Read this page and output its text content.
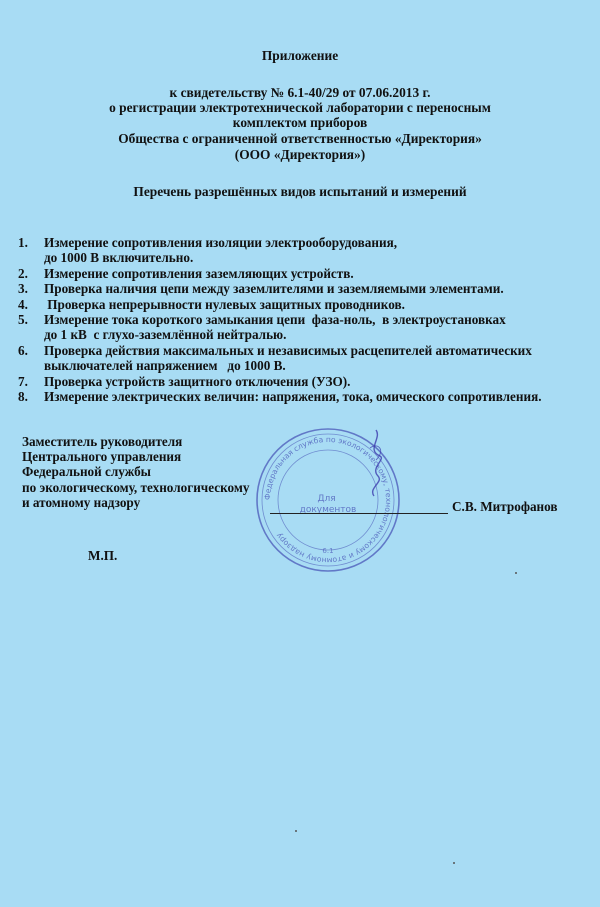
Приложение
к свидетельству № 6.1-40/29 от 07.06.2013 г.
о регистрации электротехнической лаборатории с переносным
комплектом приборов
Общества с ограниченной ответственностью «Директория»
(ООО «Директория»)
Перечень разрешённых видов испытаний и измерений
1. Измерение сопротивления изоляции электрооборудования,
до 1000 В включительно.
2. Измерение сопротивления заземляющих устройств.
3. Проверка наличия цепи между заземлителями и заземляемыми элементами.
4. Проверка непрерывности нулевых защитных проводников.
5. Измерение тока короткого замыкания цепи  фаза-ноль,  в электроустановках
до 1 кВ  с глухо-заземлённой нейтралью.
6. Проверка действия максимальных и независимых расцепителей автоматических
выключателей напряжением   до 1000 В.
7. Проверка устройств защитного отключения (УЗО).
8. Измерение электрических величин: напряжения, тока, омического сопротивления.
Заместитель руководителя
Центрального управления
Федеральной службы
по экологическому, технологическому
и атомному надзору	Федеральная служба по экологическому, технологическому и атомному надзору
Для документов
6.1
С.В. Митрофанов
М.П.
